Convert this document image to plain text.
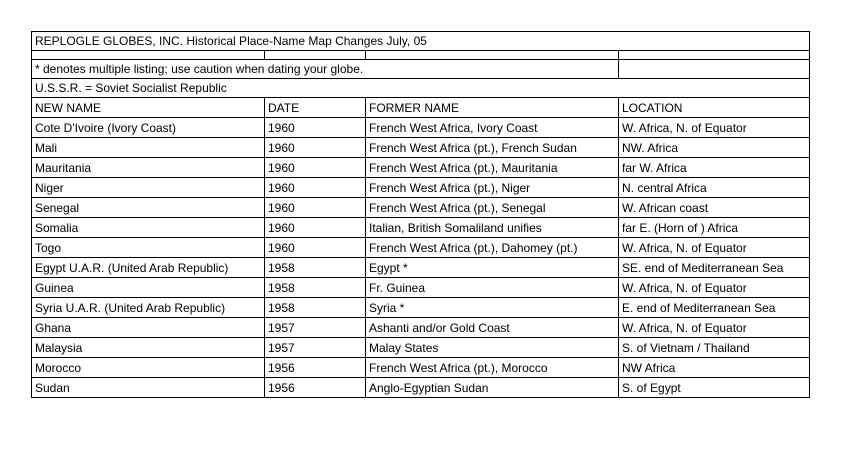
REPLOGLE GLOBES, INC. Historical Place-Name Map Changes July, 05			

* denotes multiple listing; use caution when dating your globe.			
U.S.S.R. = Soviet Socialist Republic			
NEW NAME	DATE	FORMER NAME	LOCATION
Cote D'Ivoire (Ivory Coast)	1960	French West Africa, Ivory Coast	W. Africa, N. of Equator
Mali	1960	French West Africa (pt.), French Sudan	NW. Africa
Mauritania	1960	French West Africa (pt.), Mauritania	far W. Africa
Niger	1960	French West Africa (pt.), Niger	N. central Africa
Senegal	1960	French West Africa (pt.), Senegal	W. African coast
Somalia	1960	Italian, British Somaliland unifies	far E. (Horn of ) Africa
Togo	1960	French West Africa (pt.), Dahomey (pt.)	W. Africa, N. of Equator
Egypt U.A.R. (United Arab Republic)	1958	Egypt *	SE. end of Mediterranean Sea
Guinea	1958	Fr. Guinea	W. Africa, N. of Equator
Syria U.A.R. (United Arab Republic)	1958	Syria *	E. end of Mediterranean Sea
Ghana	1957	Ashanti and/or Gold Coast	W. Africa, N. of Equator
Malaysia	1957	Malay States	S. of Vietnam / Thailand
Morocco	1956	French West Africa (pt.), Morocco	NW Africa
Sudan	1956	Anglo-Egyptian Sudan	S. of Egypt
